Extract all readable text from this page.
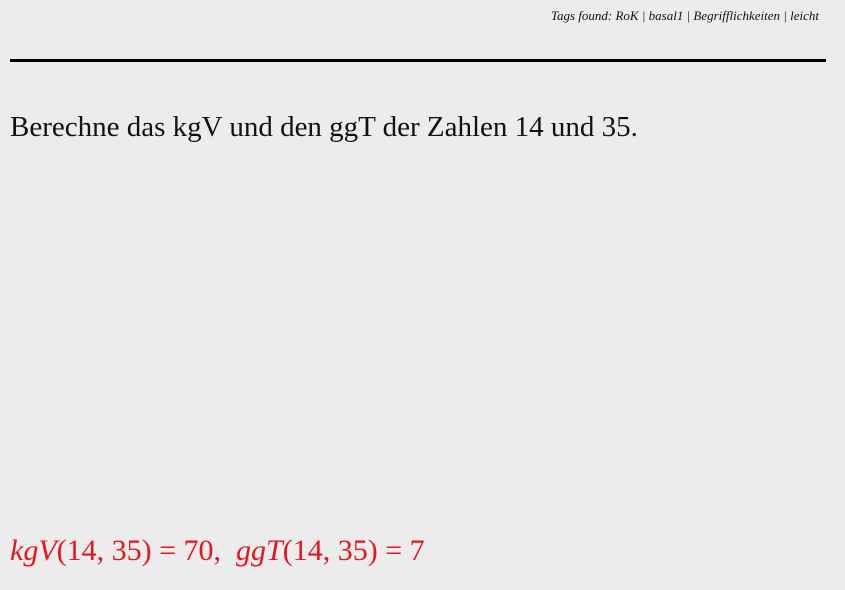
Tags found: RoK | basal1 | Begrifflichkeiten | leicht
Berechne das kgV und den ggT der Zahlen 14 und 35.
kgV(14, 35) = 70, ggT(14, 35) = 7
